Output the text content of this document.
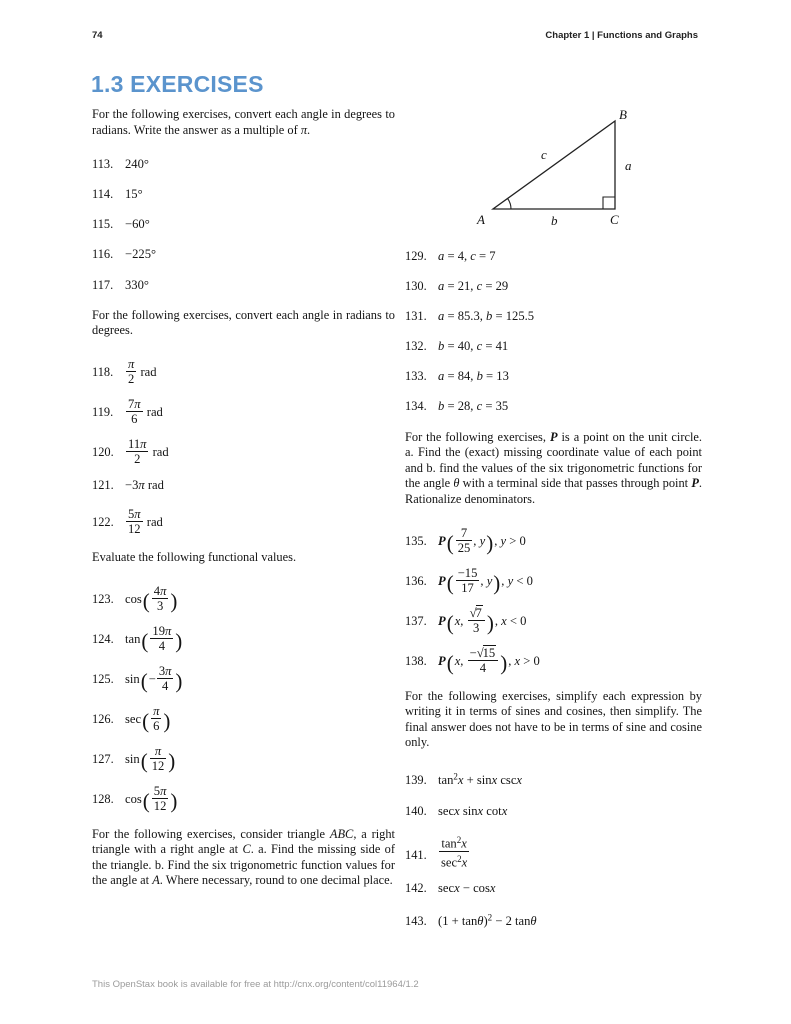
74	Chapter 1 | Functions and Graphs
1.3 EXERCISES

For the following exercises, convert each angle in degrees to radians. Write the answer as a multiple of π.

113. 240°
114. 15°
115. −60°
116. −225°
117. 330°

For the following exercises, convert each angle in radians to degrees.

118. $\frac{\pi}{2}$ rad
119. $\frac{7\pi}{6}$ rad
120. $\frac{11\pi}{2}$ rad
121. −3π rad
122. $\frac{5\pi}{12}$ rad

Evaluate the following functional values.

123. $\cos( \frac{4\pi}{3}$ )
124. $\tan( \frac{19\pi}{4}$ )
125. $\sin(- \frac{3\pi}{4}$ )
126. $\sec( \frac{\pi}{6}$ )
127. $\sin( \frac{\pi}{12}$ )
128. $\cos( \frac{5\pi}{12}$ )

For the following exercises, consider triangle ABC, a right triangle with a right angle at C. a. Find the missing side of the triangle. b. Find the six trigonometric function values for the angle at A. Where necessary, round to one decimal place.

A
B
C
a
b
c
129. a = 4, c = 7
130. a = 21, c = 29
131. a = 85.3, b = 125.5
132. b = 40, c = 41
133. a = 84, b = 13
134. b = 28, c = 35

For the following exercises, P is a point on the unit circle. a. Find the (exact) missing coordinate value of each point and b. find the values of the six trigonometric functions for the angle θ with a terminal side that passes through point P. Rationalize denominators.

135. $P( \frac{7}{25}$ , y), y > 0
136. $P( \frac{-15}{17}$ , y), y < 0
137. P(x, $\frac{√7}{3}$ ), x < 0
138. P(x, $\frac{-√15}{4}$ ), x > 0

For the following exercises, simplify each expression by writing it in terms of sines and cosines, then simplify. The final answer does not have to be in terms of sine and cosine only.

139. $\tan^2x + \sin x$ cscx
140. secx sinx cotx
141.
$\tan^2x$
$\sec^2x$
142. secx − cosx
143. $(1 + \tan\theta)^2 - 2$ tanθ
This OpenStax book is available for free at http://cnx.org/content/col11964/1.2
